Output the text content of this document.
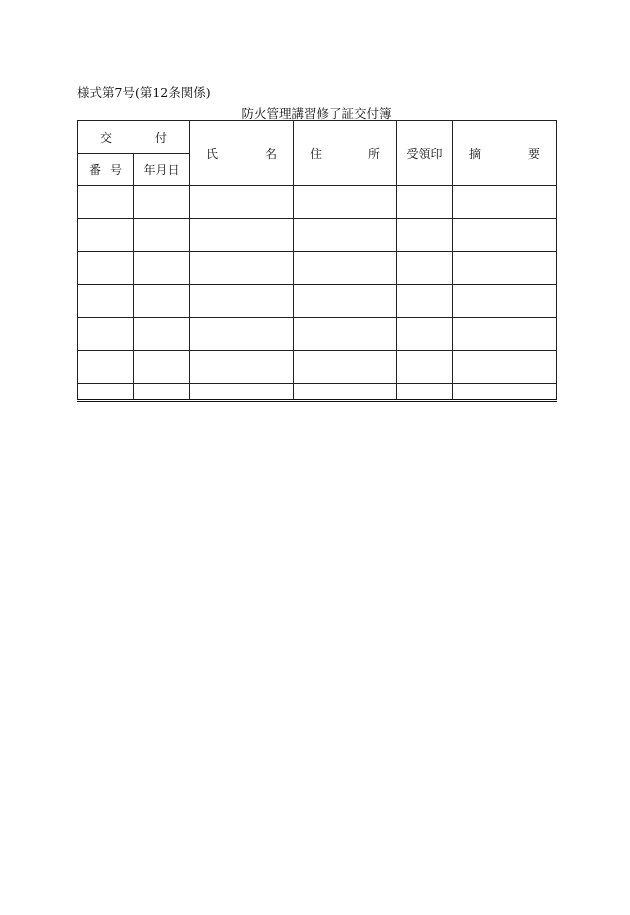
様式第7号(第12条関係)
防火管理講習修了証交付簿
交 付		氏 名	住 所	受領印	摘 要

番 号	年月日				
